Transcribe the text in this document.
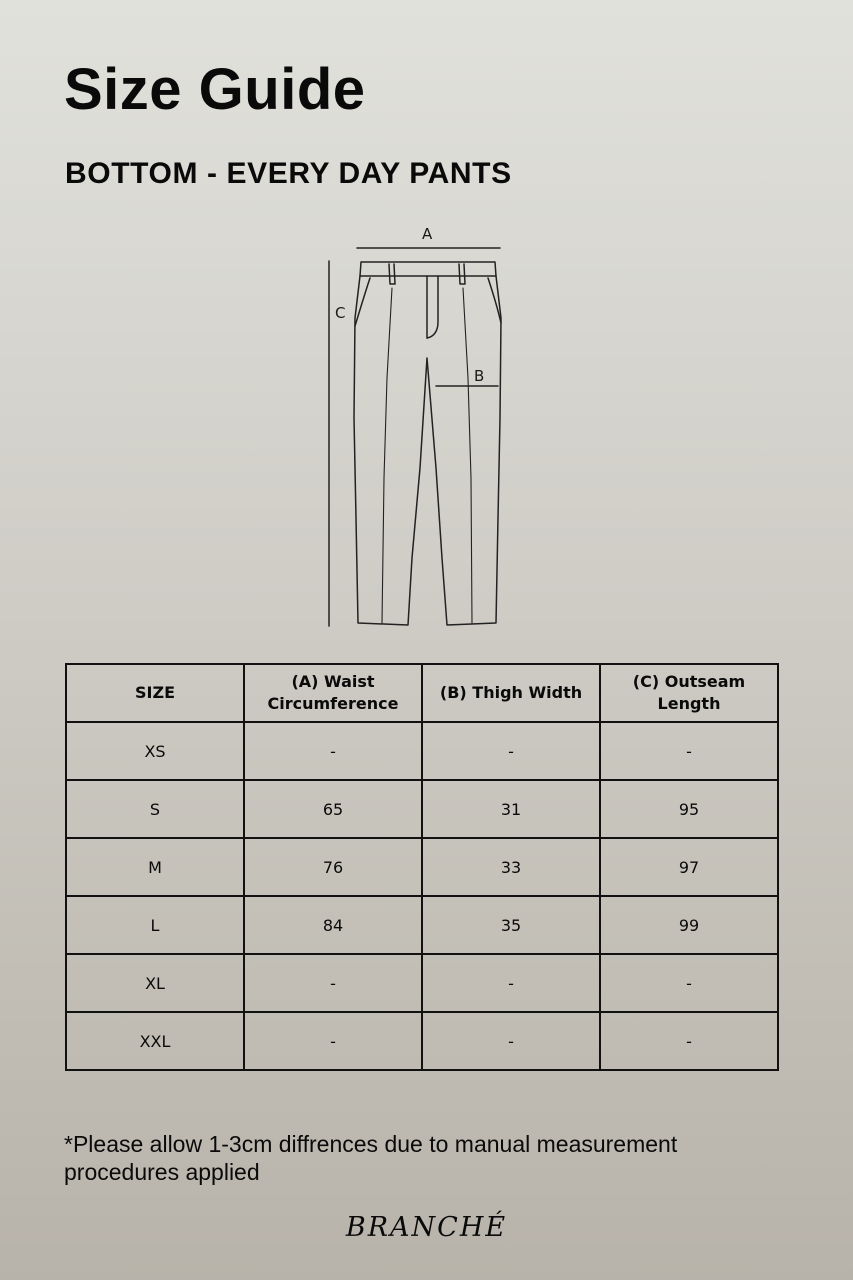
Size Guide
BOTTOM - EVERY DAY PANTS
A
B
C
SIZE	(A) Waist Circumference	(B) Thigh Width	(C) Outseam Length
XS	-	-	-
S	65	31	95
M	76	33	97
L	84	35	99
XL	-	-	-
XXL	-	-	-

*Please allow 1-3cm diffrences due to manual measurement procedures applied

BRANCHÉ
